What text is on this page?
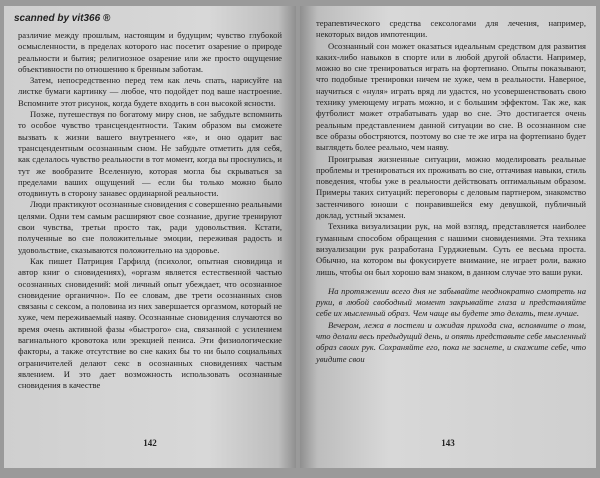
scanned by vit366 ®

различие между прошлым, настоящим и будущим; чувство глубокой осмысленности, в пределах которого нас посетит озарение о природе реальности и бытия; религиозное озарение или же просто ощущение объективности по отношению к бренным заботам.

Затем, непосредственно перед тем как лечь спать, нарисуйте на листке бумаги картинку — любое, что подойдет под ваше настроение. Вспомните этот рисунок, когда будете входить в сон высокой ясности.

Позже, путешествуя по богатому миру снов, не забудьте вспомнить то особое чувство трансцендентности. Таким образом вы сможете вызвать к жизни вашего внутреннего «я», и оно одарит вас трансцендентным осознанным сном. Не забудьте отметить для себя, как сделалось чувство реальности в тот момент, когда вы проснулись, и тут же вообразите Вселенную, которая могла бы скрываться за пределами ваших ощущений — если бы только можно было отодвинуть в сторону занавес ординарной реальности.

Люди практикуют осознанные сновидения с совершенно реальными целями. Одни тем самым расширяют свое сознание, другие тренируют свои чувства, третьи просто так, ради удовольствия. Кстати, полученные во сне положительные эмоции, переживая радость и удовольствие, сказываются положительно на здоровье.

Как пишет Патриция Гарфилд (психолог, опытная сновидица и автор книг о сновидениях), «оргазм является естественной частью осознанных сновидений: мой личный опыт убеждает, что осознанное сновидение органично». По ее словам, две трети осознанных снов связаны с сексом, а половина из них завершается оргазмом, который не хуже, чем переживаемый наяву. Осознанные сновидения случаются во время очень активной фазы «быстрого» сна, связанной с усилением вагинального кровотока или эрекцией пениса. Эти физиологические факторы, а также отсутствие во сне каких бы то ни было социальных ограничителей делают секс в осознанных сновидениях частым явлением. И это дает возможность использовать осознанные сновидения в качестве

142

терапевтического средства сексологами для лечения, например, некоторых видов импотенции.

Осознанный сон может оказаться идеальным средством для развития каких-либо навыков в спорте или в любой другой области. Например, можно во сне тренироваться играть на фортепиано. Опыты показывают, что подобные тренировки ничем не хуже, чем в реальности. Наверное, научиться с «нуля» играть вряд ли удастся, но усовершенствовать свою технику умеющему играть можно, и с большим эффектом. Так же, как футболист может отрабатывать удар во сне. Это достигается очень реальным представлением данной ситуации во сне. В осознанном сне все образы обостряются, поэтому во сне те же игра на фортепиано будет выглядеть более реально, чем наяву.

Проигрывая жизненные ситуации, можно моделировать реальные проблемы и тренироваться их проживать во сне, оттачивая навыки, стиль поведения, чтобы уже в реальности действовать оптимальным образом. Примеры таких ситуаций: переговоры с деловым партнером, знакомство застенчивого юноши с понравившейся ему девушкой, публичный доклад, устный экзамен.

Техника визуализации рук, на мой взгляд, представляется наиболее гуманным способом обращения с нашими сновидениями. Эта техника визуализации рук разработана Гурджиевым. Суть ее весьма проста. Обычно, на котором вы фокусируете внимание, не играет роли, важно лишь, чтобы он был хорошо вам знаком, в данном случае это ваши руки.

На протяжении всего дня не забывайте неоднократно смотреть на руки, в любой свободный момент закрывайте глаза и представляйте себе их мысленный образ. Чем чаще вы будете это делать, тем лучше.

Вечером, лежа в постели и ожидая прихода сна, вспомните о том, что делали весь предыдущий день, и опять представьте себе мысленный образ своих рук. Сохраняйте его, пока не заснете, и скажите себе, что увидите свои

143
